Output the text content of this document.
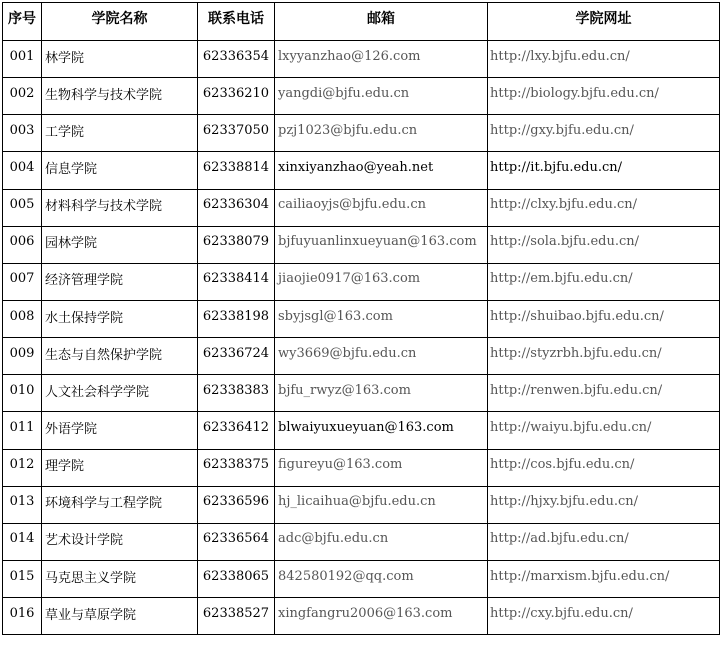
序号	学院名称	联系电话	邮箱	学院网址
001	林学院	62336354	lxyyanzhao@126.com	http://lxy.bjfu.edu.cn/
002	生物科学与技术学院	62336210	yangdi@bjfu.edu.cn	http://biology.bjfu.edu.cn/
003	工学院	62337050	pzj1023@bjfu.edu.cn	http://gxy.bjfu.edu.cn/
004	信息学院	62338814	xinxiyanzhao@yeah.net	http://it.bjfu.edu.cn/
005	材料科学与技术学院	62336304	cailiaoyjs@bjfu.edu.cn	http://clxy.bjfu.edu.cn/
006	园林学院	62338079	bjfuyuanlinxueyuan@163.com	http://sola.bjfu.edu.cn/
007	经济管理学院	62338414	jiaojie0917@163.com	http://em.bjfu.edu.cn/
008	水土保持学院	62338198	sbyjsgl@163.com	http://shuibao.bjfu.edu.cn/
009	生态与自然保护学院	62336724	wy3669@bjfu.edu.cn	http://styzrbh.bjfu.edu.cn/
010	人文社会科学学院	62338383	bjfu_rwyz@163.com	http://renwen.bjfu.edu.cn/
011	外语学院	62336412	blwaiyuxueyuan@163.com	http://waiyu.bjfu.edu.cn/
012	理学院	62338375	figureyu@163.com	http://cos.bjfu.edu.cn/
013	环境科学与工程学院	62336596	hj_licaihua@bjfu.edu.cn	http://hjxy.bjfu.edu.cn/
014	艺术设计学院	62336564	adc@bjfu.edu.cn	http://ad.bjfu.edu.cn/
015	马克思主义学院	62338065	842580192@qq.com	http://marxism.bjfu.edu.cn/
016	草业与草原学院	62338527	xingfangru2006@163.com	http://cxy.bjfu.edu.cn/
